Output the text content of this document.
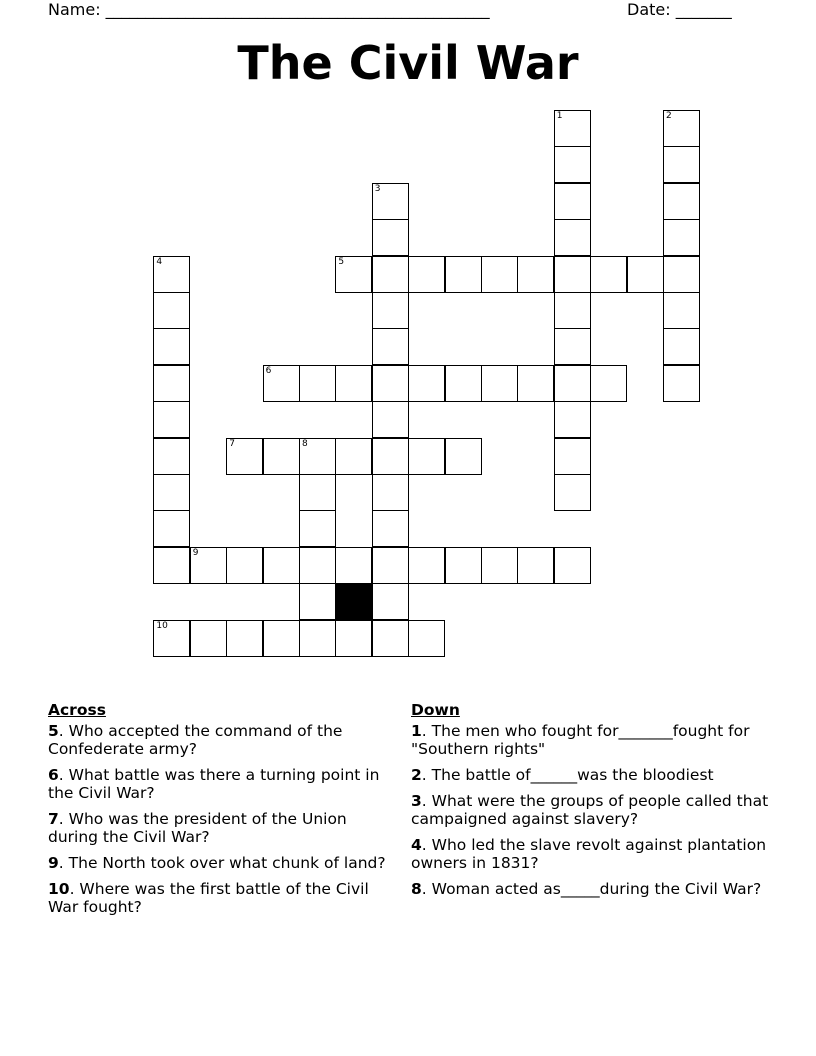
Name: ________________________________________________	Date: _______
The Civil War
5
6
7	8
9
10
1	2
3
4
Across
5. Who accepted the command of the Confederate army?
6. What battle was there a turning point in the Civil War?
7. Who was the president of the Union during the Civil War?
9. The North took over what chunk of land?
10. Where was the first battle of the Civil War fought?
Down
1. The men who fought for_______fought for "Southern rights"
2. The battle of______was the bloodiest
3. What were the groups of people called that campaigned against slavery?
4. Who led the slave revolt against plantation owners in 1831?
8. Woman acted as_____during the Civil War?
